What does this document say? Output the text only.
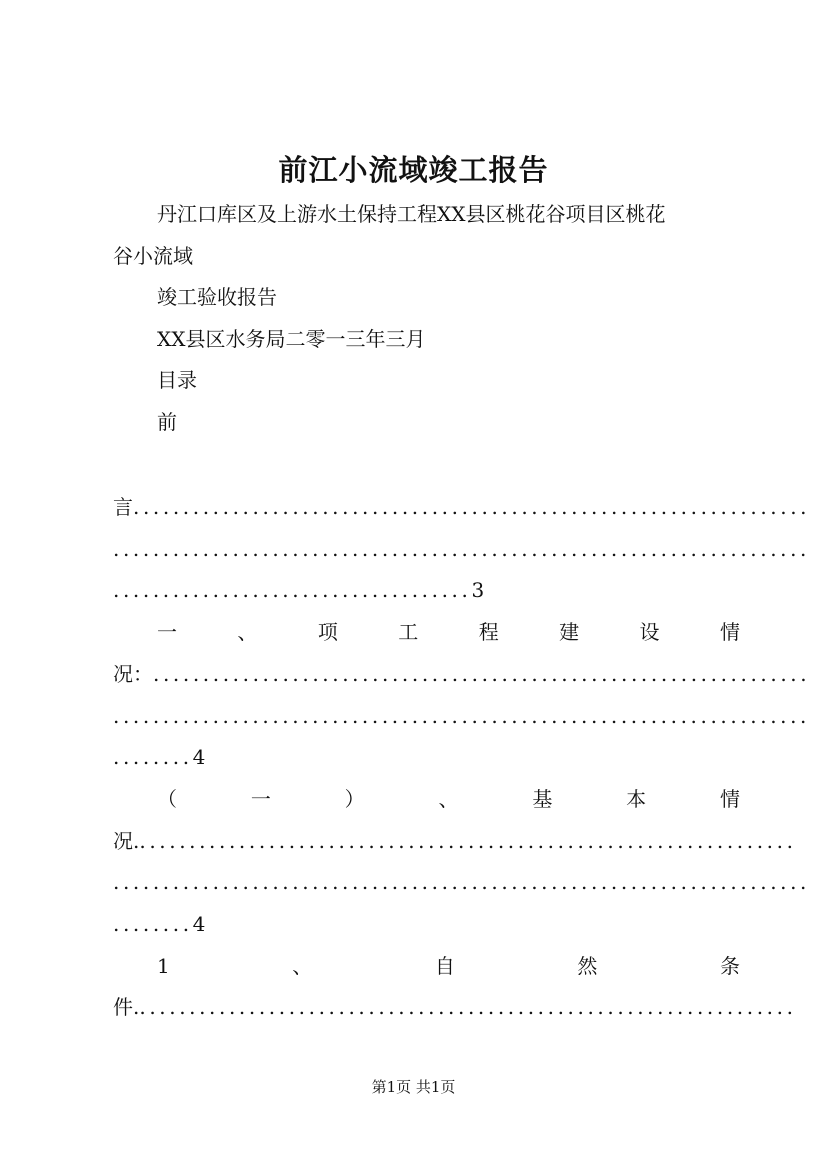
前江小流域竣工报告
丹江口库区及上游水土保持工程XX县区桃花谷项目区桃花
谷小流域
竣工验收报告
XX县区水务局二零一三年三月
目录
前
言....................................................................
......................................................................
....................................3
一	、	项	工	程	建	设	情
况：..................................................................
......................................................................
........4
（	一	）	、	基	本	情
况...................................................................
......................................................................
........4
1	、	自	然	条
件...................................................................
第1页 共1页
